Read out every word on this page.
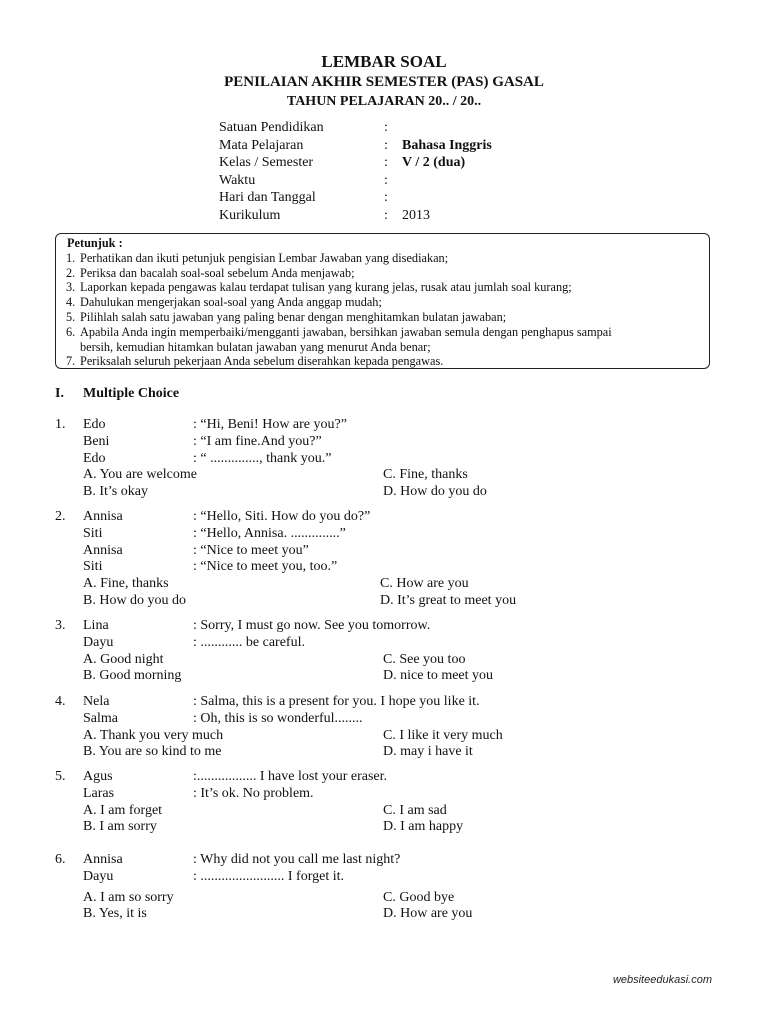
LEMBAR SOAL
PENILAIAN AKHIR SEMESTER (PAS) GASAL
TAHUN PELAJARAN 20.. / 20..
Satuan Pendidikan	:
Mata Pelajaran	: Bahasa Inggris
Kelas / Semester	: V / 2 (dua)
Waktu	:
Hari dan Tanggal	:
Kurikulum	: 2013
Petunjuk :
1. Perhatikan dan ikuti petunjuk pengisian Lembar Jawaban yang disediakan;
2. Periksa dan bacalah soal-soal sebelum Anda menjawab;
3. Laporkan kepada pengawas kalau terdapat tulisan yang kurang jelas, rusak atau jumlah soal kurang;
4. Dahulukan mengerjakan soal-soal yang Anda anggap mudah;
5. Pilihlah salah satu jawaban yang paling benar dengan menghitamkan bulatan jawaban;
6. Apabila Anda ingin memperbaiki/mengganti jawaban, bersihkan jawaban semula dengan penghapus sampai
bersih, kemudian hitamkan bulatan jawaban yang menurut Anda benar;
7. Periksalah seluruh pekerjaan Anda sebelum diserahkan kepada pengawas.
I. Multiple Choice
1. Edo	: “Hi, Beni! How are you?”
Beni	: “I am fine.And you?”
Edo	: “ .............., thank you.”
A. You are welcome	C. Fine, thanks
B. It’s okay	D. How do you do
2. Annisa	: “Hello, Siti. How do you do?”
Siti	: “Hello, Annisa. ..............”
Annisa	: “Nice to meet you”
Siti	: “Nice to meet you, too.”
A. Fine, thanks	C. How are you
B. How do you do	D. It’s great to meet you
3. Lina	: Sorry, I must go now. See you tomorrow.
Dayu	: ............ be careful.
A. Good night	C. See you too
B. Good morning	D. nice to meet you
4. Nela	: Salma, this is a present for you. I hope you like it.
Salma	: Oh, this is so wonderful........
A. Thank you very much	C. I like it very much
B. You are so kind to me	D. may i have it
5. Agus	:................. I have lost your eraser.
Laras	: It’s ok. No problem.
A. I am forget	C. I am sad
B. I am sorry	D. I am happy
6. Annisa	: Why did not you call me last night?
Dayu	: ........................ I forget it.
A. I am so sorry	C. Good bye
B. Yes, it is	D. How are you
websiteedukasi.com
